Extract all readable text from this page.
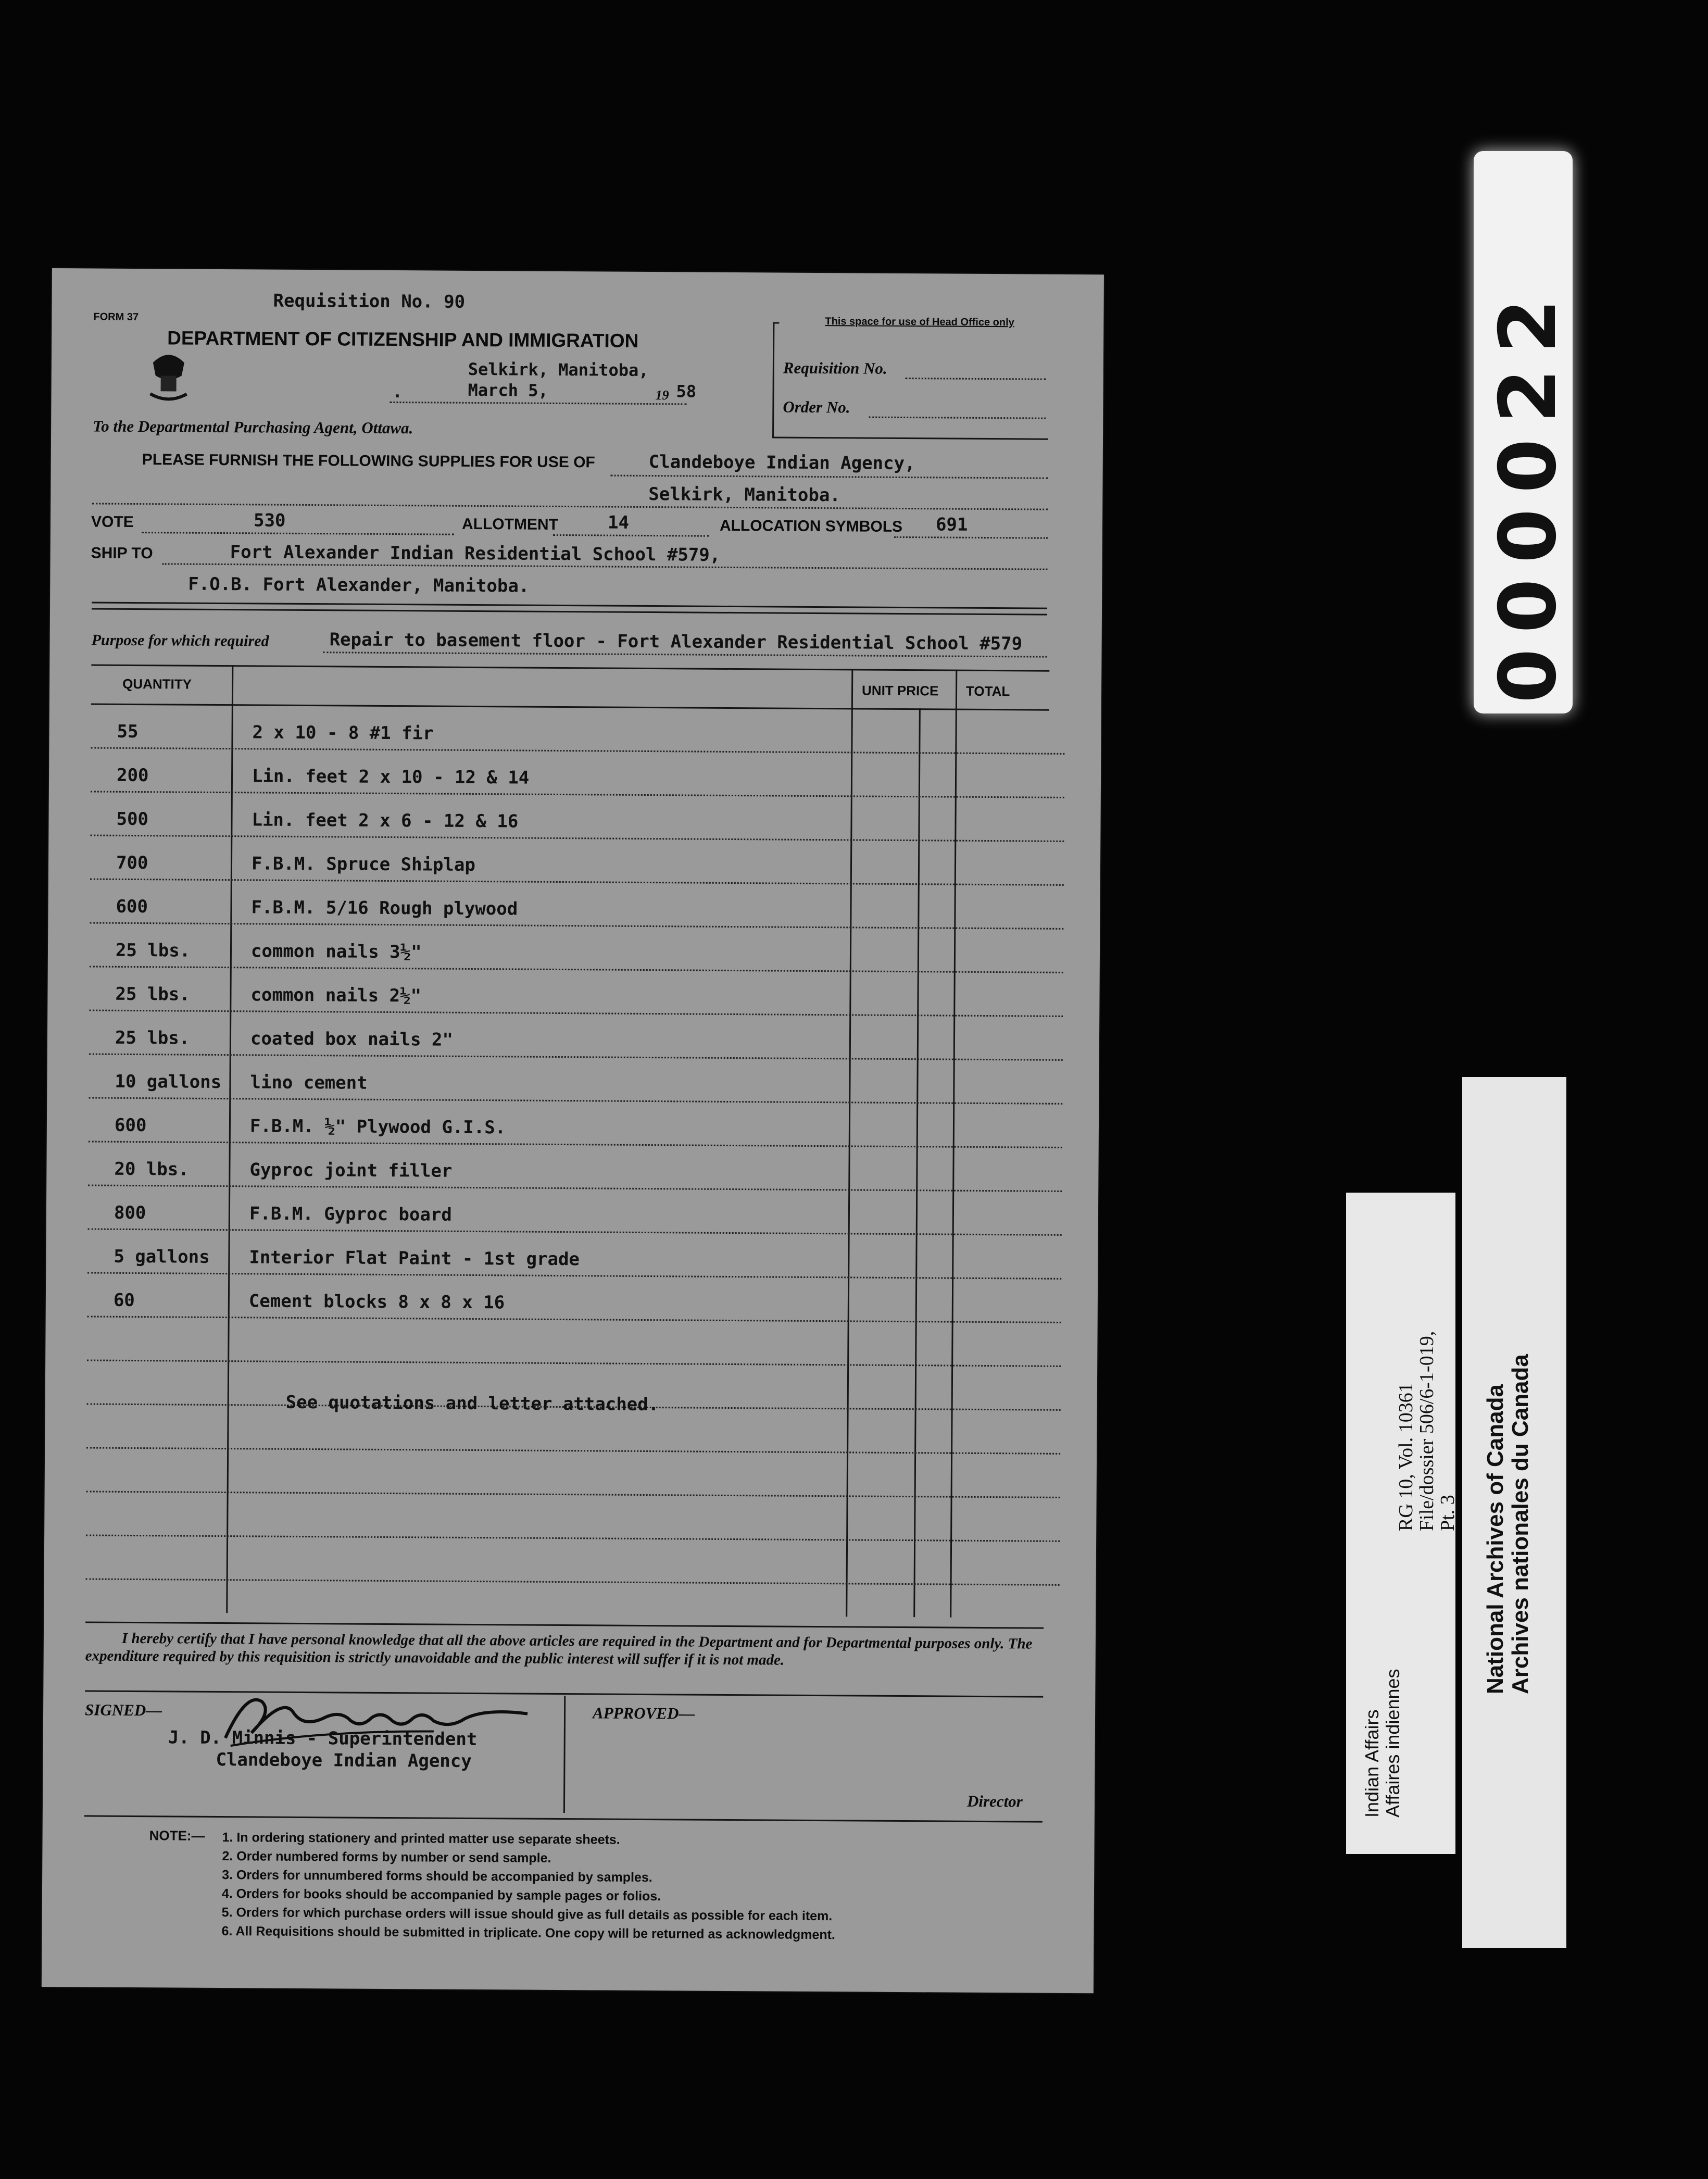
Requisition No. 90
FORM 37
DEPARTMENT OF CITIZENSHIP AND IMMIGRATION
Selkirk, Manitoba,
.	March 5,	19 58
To the Departmental Purchasing Agent, Ottawa.
This space for use of Head Office only
Requisition No.
Order No.
PLEASE FURNISH THE FOLLOWING SUPPLIES FOR USE OF	Clandeboye Indian Agency,
Selkirk, Manitoba.
VOTE	530	ALLOTMENT	14	ALLOCATION SYMBOLS 691
SHIP TO	Fort Alexander Indian Residential School #579,
F.O.B. Fort Alexander, Manitoba.
Purpose for which required	Repair to basement floor - Fort Alexander Residential School #579
QUANTITY	UNIT PRICE TOTAL
55	2 x 10 - 8 #1 fir
200	Lin. feet 2 x 10 - 12 & 14
500	Lin. feet 2 x 6 - 12 & 16
700	F.B.M. Spruce Shiplap
600	F.B.M. 5/16 Rough plywood
25 lbs.	common nails 3½"
25 lbs.	common nails 2½"
25 lbs.	coated box nails 2"
10 gallons lino cement
600	F.B.M. ½" Plywood G.I.S.
20 lbs.	Gyproc joint filler
800	F.B.M. Gyproc board
5 gallons Interior Flat Paint - 1st grade
60	Cement blocks 8 x 8 x 16
See quotations and letter attached.
I hereby certify that I have personal knowledge that all the above articles are required in the Department and for Departmental purposes only. The expenditure required by this requisition is strictly unavoidable and the public interest will suffer if it is not made.
SIGNED—
J. D. Minnis - Superintendent
Clandeboye Indian Agency
APPROVED—
Director
NOTE:— 1. In ordering stationery and printed matter use separate sheets.
2. Order numbered forms by number or send sample.
3. Orders for unnumbered forms should be accompanied by samples.
4. Orders for books should be accompanied by sample pages or folios.
5. Orders for which purchase orders will issue should give as full details as possible for each item.
6. All Requisitions should be submitted in triplicate. One copy will be returned as acknowledgment.
000022
Indian Affairs Affaires indiennes
RG 10, Vol. 10361
File/dossier 506/6-1-019,
Pt. 3 National Archives of Canada Archives nationales du Canada
